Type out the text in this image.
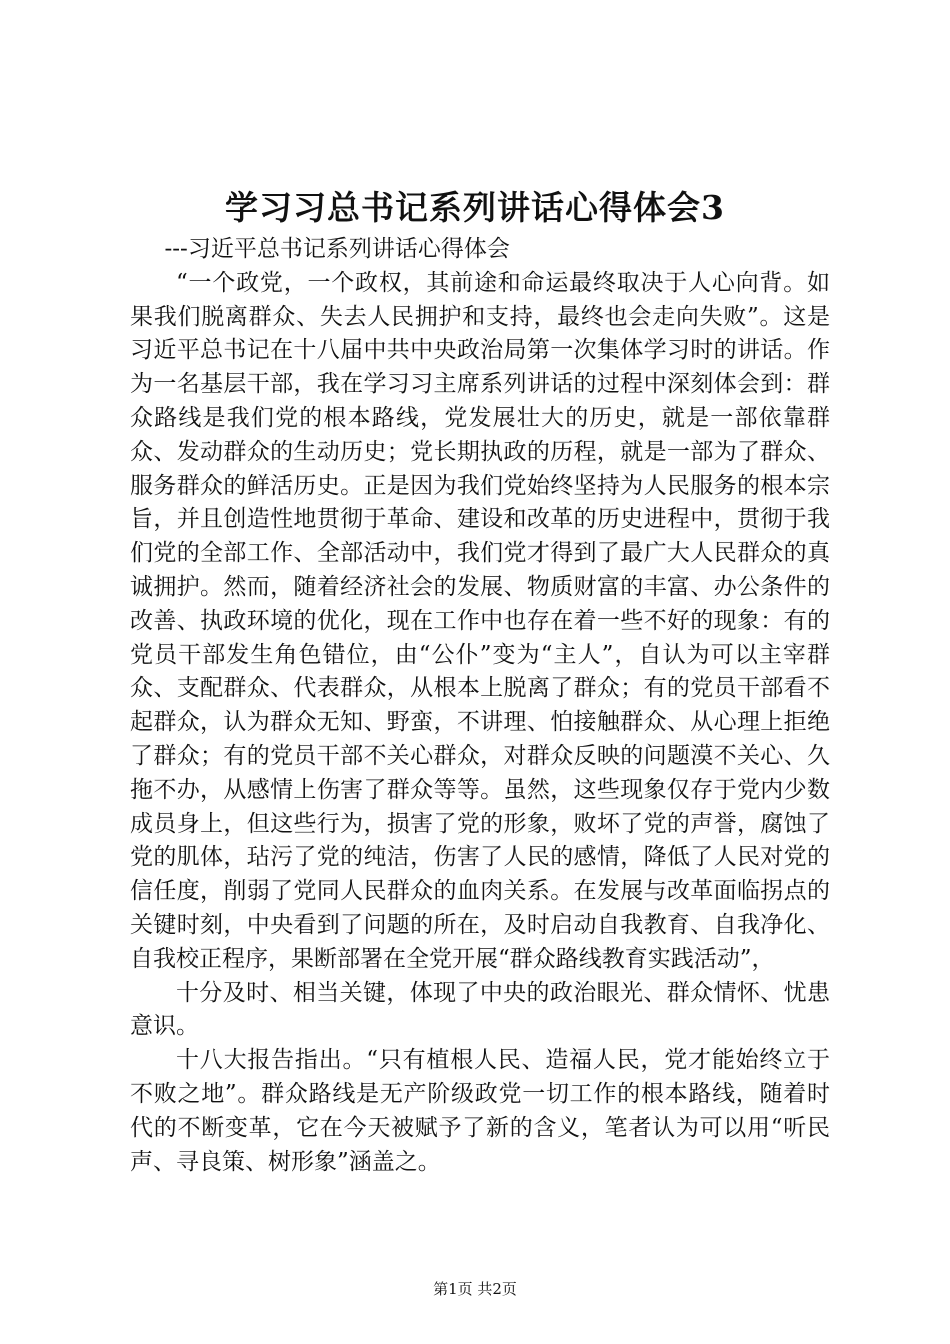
学习习总书记系列讲话心得体会3

---习近平总书记系列讲话心得体会

“一个政党，一个政权，其前途和命运最终取决于人心向背。如果我们脱离群众、失去人民拥护和支持，最终也会走向失败”。这是习近平总书记在十八届中共中央政治局第一次集体学习时的讲话。作为一名基层干部，我在学习习主席系列讲话的过程中深刻体会到：群众路线是我们党的根本路线，党发展壮大的历史，就是一部依靠群众、发动群众的生动历史；党长期执政的历程，就是一部为了群众、服务群众的鲜活历史。正是因为我们党始终坚持为人民服务的根本宗旨，并且创造性地贯彻于革命、建设和改革的历史进程中，贯彻于我们党的全部工作、全部活动中，我们党才得到了最广大人民群众的真诚拥护。然而，随着经济社会的发展、物质财富的丰富、办公条件的改善、执政环境的优化，现在工作中也存在着一些不好的现象：有的党员干部发生角色错位，由“公仆”变为“主人”，自认为可以主宰群众、支配群众、代表群众，从根本上脱离了群众；有的党员干部看不起群众，认为群众无知、野蛮，不讲理、怕接触群众、从心理上拒绝了群众；有的党员干部不关心群众，对群众反映的问题漠不关心、久拖不办，从感情上伤害了群众等等。虽然，这些现象仅存于党内少数成员身上，但这些行为，损害了党的形象，败坏了党的声誉，腐蚀了党的肌体，玷污了党的纯洁，伤害了人民的感情，降低了人民对党的信任度，削弱了党同人民群众的血肉关系。在发展与改革面临拐点的关键时刻，中央看到了问题的所在，及时启动自我教育、自我净化、自我校正程序，果断部署在全党开展“群众路线教育实践活动”，

十分及时、相当关键，体现了中央的政治眼光、群众情怀、忧患意识。

十八大报告指出。“只有植根人民、造福人民，党才能始终立于不败之地”。群众路线是无产阶级政党一切工作的根本路线，随着时代的不断变革，它在今天被赋予了新的含义，笔者认为可以用“听民声、寻良策、树形象”涵盖之。

第1页 共2页
